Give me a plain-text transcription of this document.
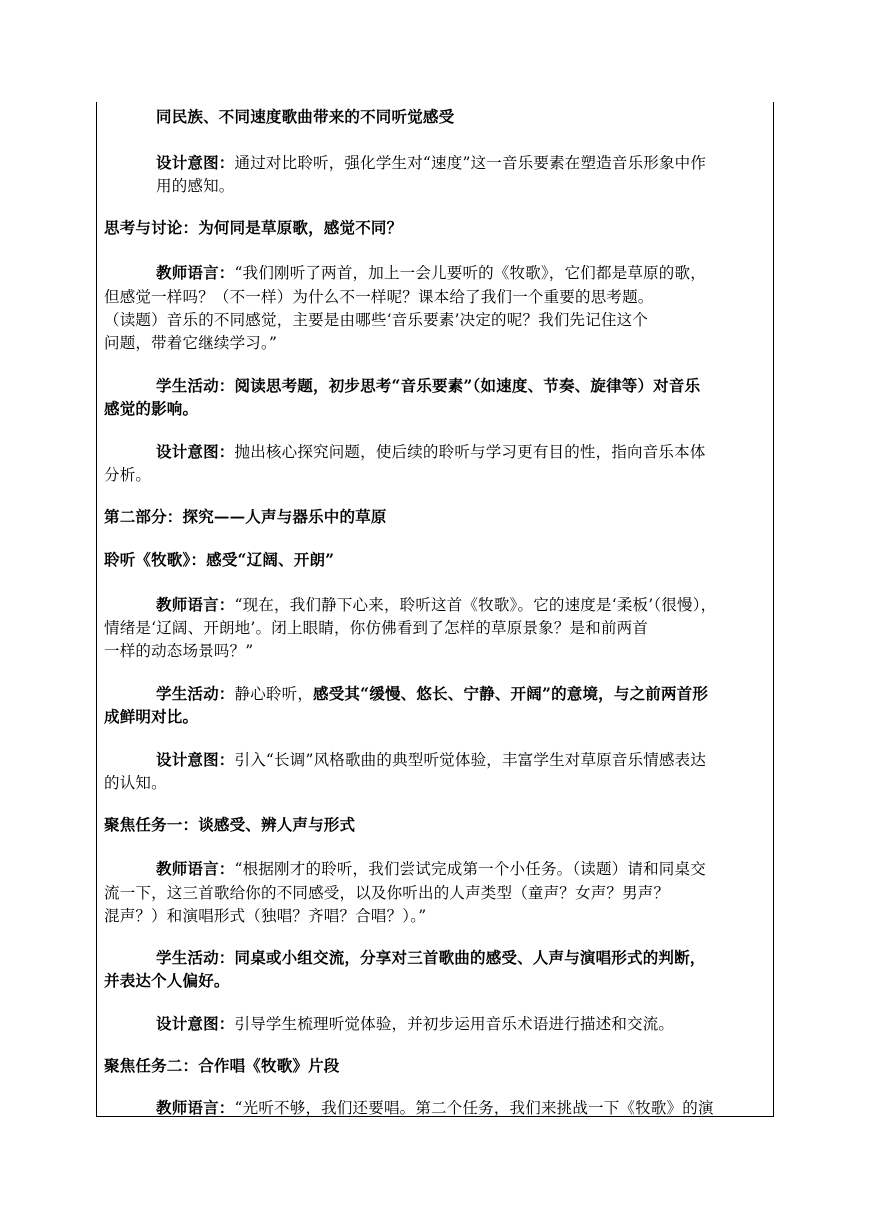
同民族、不同速度歌曲带来的不同听觉感受
设计意图：通过对比聆听，强化学生对“速度”这一音乐要素在塑造音乐形象中作
用的感知。
思考与讨论：为何同是草原歌，感觉不同？
教师语言：“我们刚听了两首，加上一会儿要听的《牧歌》，它们都是草原的歌，
但感觉一样吗？（不一样）为什么不一样呢？课本给了我们一个重要的思考题。
（读题）音乐的不同感觉，主要是由哪些‘音乐要素’决定的呢？我们先记住这个
问题，带着它继续学习。”
学生活动：阅读思考题，初步思考“音乐要素”（如速度、节奏、旋律等）对音乐
感觉的影响。
设计意图：抛出核心探究问题，使后续的聆听与学习更有目的性，指向音乐本体
分析。
第二部分：探究——人声与器乐中的草原
聆听《牧歌》：感受“辽阔、开朗”
教师语言：“现在，我们静下心来，聆听这首《牧歌》。它的速度是‘柔板’（很慢），
情绪是‘辽阔、开朗地’。闭上眼睛，你仿佛看到了怎样的草原景象？是和前两首
一样的动态场景吗？”
学生活动：静心聆听，感受其“缓慢、悠长、宁静、开阔”的意境，与之前两首形
成鲜明对比。
设计意图：引入“长调”风格歌曲的典型听觉体验，丰富学生对草原音乐情感表达
的认知。
聚焦任务一：谈感受、辨人声与形式
教师语言：“根据刚才的聆听，我们尝试完成第一个小任务。（读题）请和同桌交
流一下，这三首歌给你的不同感受，以及你听出的人声类型（童声？女声？男声？
混声？）和演唱形式（独唱？齐唱？合唱？）。”
学生活动：同桌或小组交流，分享对三首歌曲的感受、人声与演唱形式的判断，
并表达个人偏好。
设计意图：引导学生梳理听觉体验，并初步运用音乐术语进行描述和交流。
聚焦任务二：合作唱《牧歌》片段
教师语言：“光听不够，我们还要唱。第二个任务，我们来挑战一下《牧歌》的演
